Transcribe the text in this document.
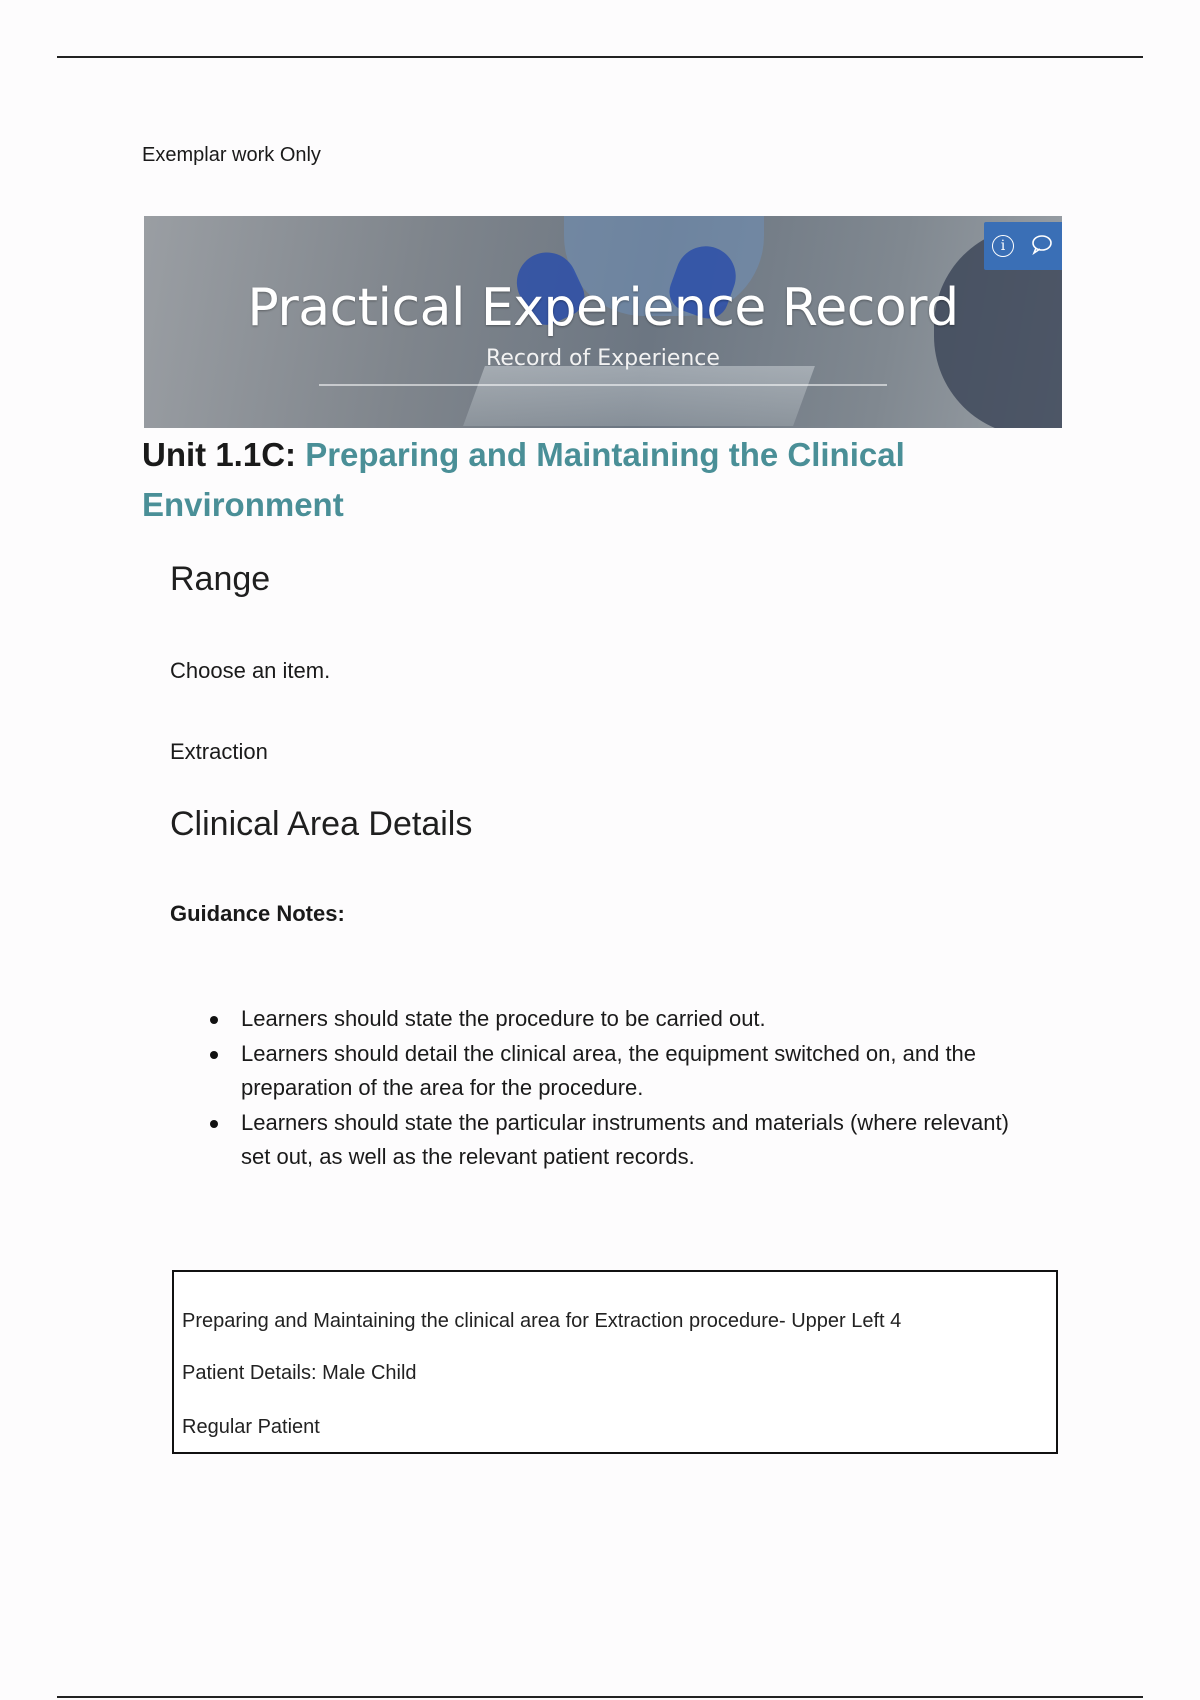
Exemplar work Only
Practical Experience Record
Record of Experience
i
Unit 1.1C: Preparing and Maintaining the Clinical Environment
Range
Choose an item.
Extraction
Clinical Area Details
Guidance Notes:
Learners should state the procedure to be carried out.
Learners should detail the clinical area, the equipment switched on, and the preparation of the area for the procedure.
Learners should state the particular instruments and materials (where relevant) set out, as well as the relevant patient records.
Preparing and Maintaining the clinical area for Extraction procedure- Upper Left 4
Patient Details: Male Child
Regular Patient
